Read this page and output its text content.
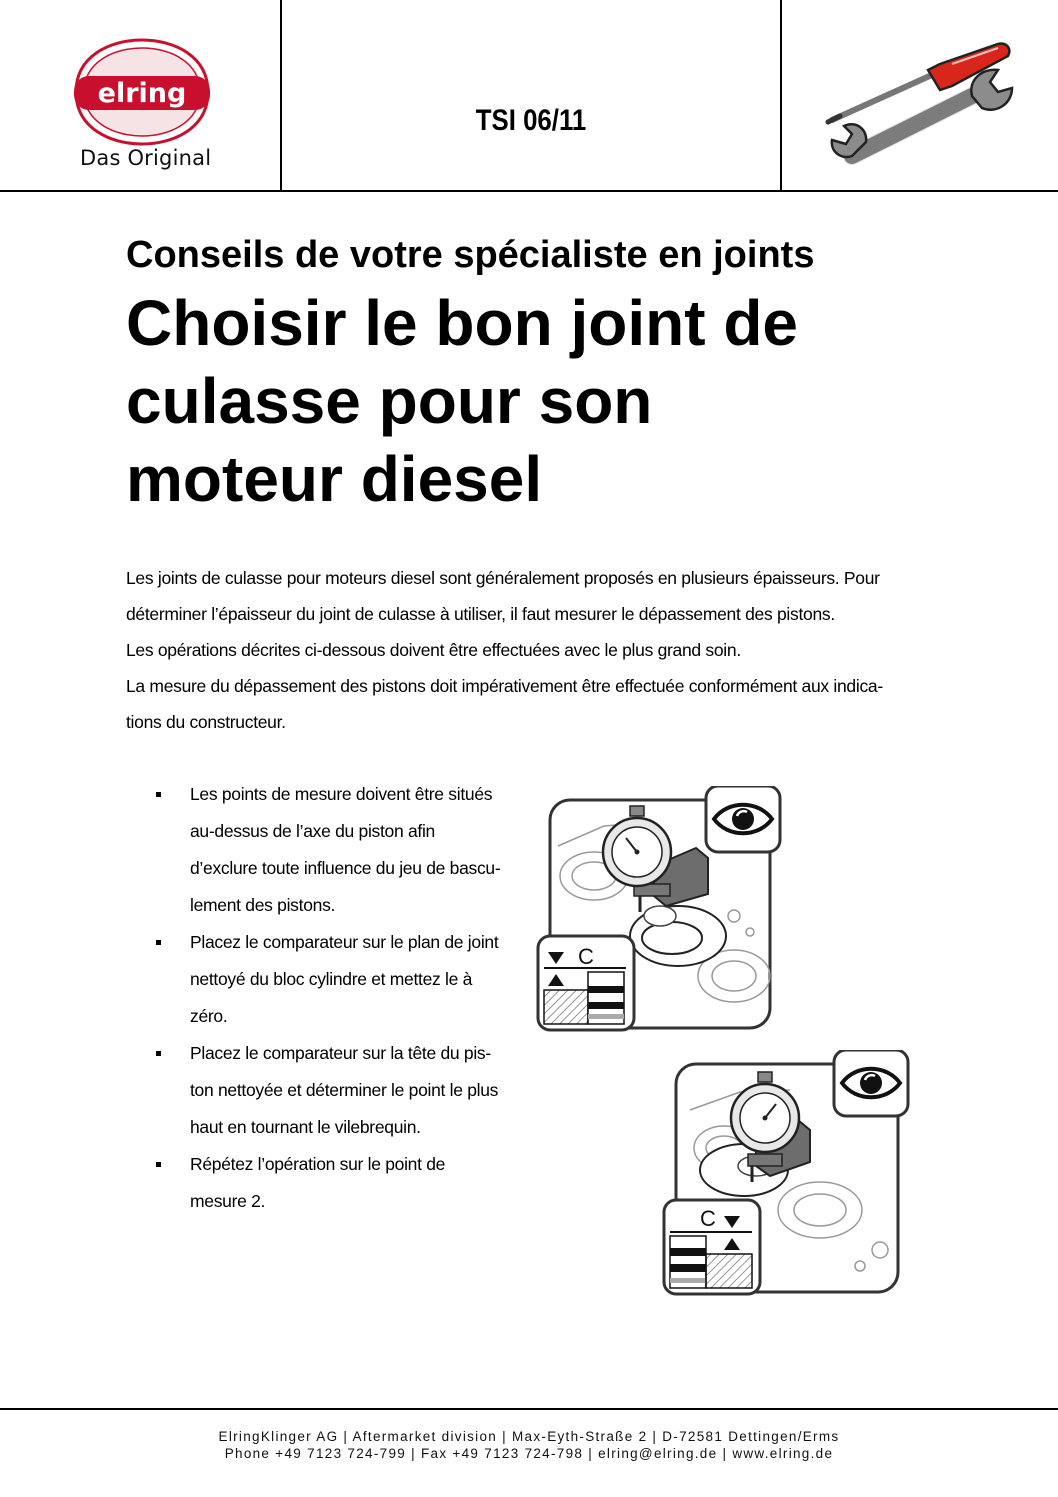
elring
Das Original
TSI 06/11
Conseils de votre spécialiste en joints
Choisir le bon joint de
culasse pour son
moteur diesel
Les joints de culasse pour moteurs diesel sont généralement proposés en plusieurs épaisseurs. Pour
déterminer l’épaisseur du joint de culasse à utiliser, il faut mesurer le dépassement des pistons.
Les opérations décrites ci-dessous doivent être effectuées avec le plus grand soin.
La mesure du dépassement des pistons doit impérativement être effectuée conformément aux indica-
tions du constructeur.
Les points de mesure doivent être situés
au-dessus de l’axe du piston afin
d’exclure toute influence du jeu de bascu-
lement des pistons.
Placez le comparateur sur le plan de joint
nettoyé du bloc cylindre et mettez le à
zéro.
Placez le comparateur sur la tête du pis-
ton nettoyée et déterminer le point le plus
haut en tournant le vilebrequin.
Répétez l’opération sur le point de
mesure 2.
C
C
ElringKlinger AG | Aftermarket division | Max-Eyth-Straße 2 | D-72581 Dettingen/Erms
Phone +49 7123 724-799 | Fax +49 7123 724-798 | elring@elring.de | www.elring.de
